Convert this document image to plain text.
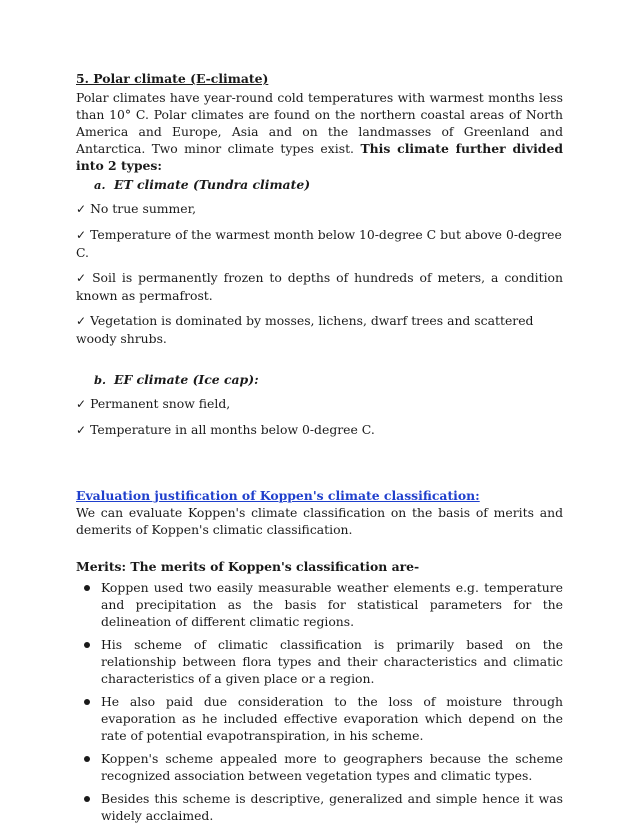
5. Polar climate (E-climate)

Polar climates have year-round cold temperatures with warmest months less than 10° C. Polar climates are found on the northern coastal areas of North America and Europe, Asia and on the landmasses of Greenland and Antarctica. Two minor climate types exist. This climate further divided into 2 types:

a. ET climate (Tundra climate)

✓ No true summer,

✓ Temperature of the warmest month below 10-degree C but above 0-degree C.

✓ Soil is permanently frozen to depths of hundreds of meters, a condition known as permafrost.

✓ Vegetation is dominated by mosses, lichens, dwarf trees and scattered woody shrubs.

b. EF climate (Ice cap):

✓ Permanent snow field,

✓ Temperature in all months below 0-degree C.

Evaluation justification of Koppen's climate classification:

We can evaluate Koppen's climate classification on the basis of merits and demerits of Koppen's climatic classification.

Merits: The merits of Koppen's classification are-

Koppen used two easily measurable weather elements e.g. temperature and precipitation as the basis for statistical parameters for the delineation of different climatic regions.
His scheme of climatic classification is primarily based on the relationship between flora types and their characteristics and climatic characteristics of a given place or a region.
He also paid due consideration to the loss of moisture through evaporation as he included effective evaporation which depend on the rate of potential evapotranspiration, in his scheme.
Koppen's scheme appealed more to geographers because the scheme recognized association between vegetation types and climatic types.
Besides this scheme is descriptive, generalized and simple hence it was widely acclaimed.
